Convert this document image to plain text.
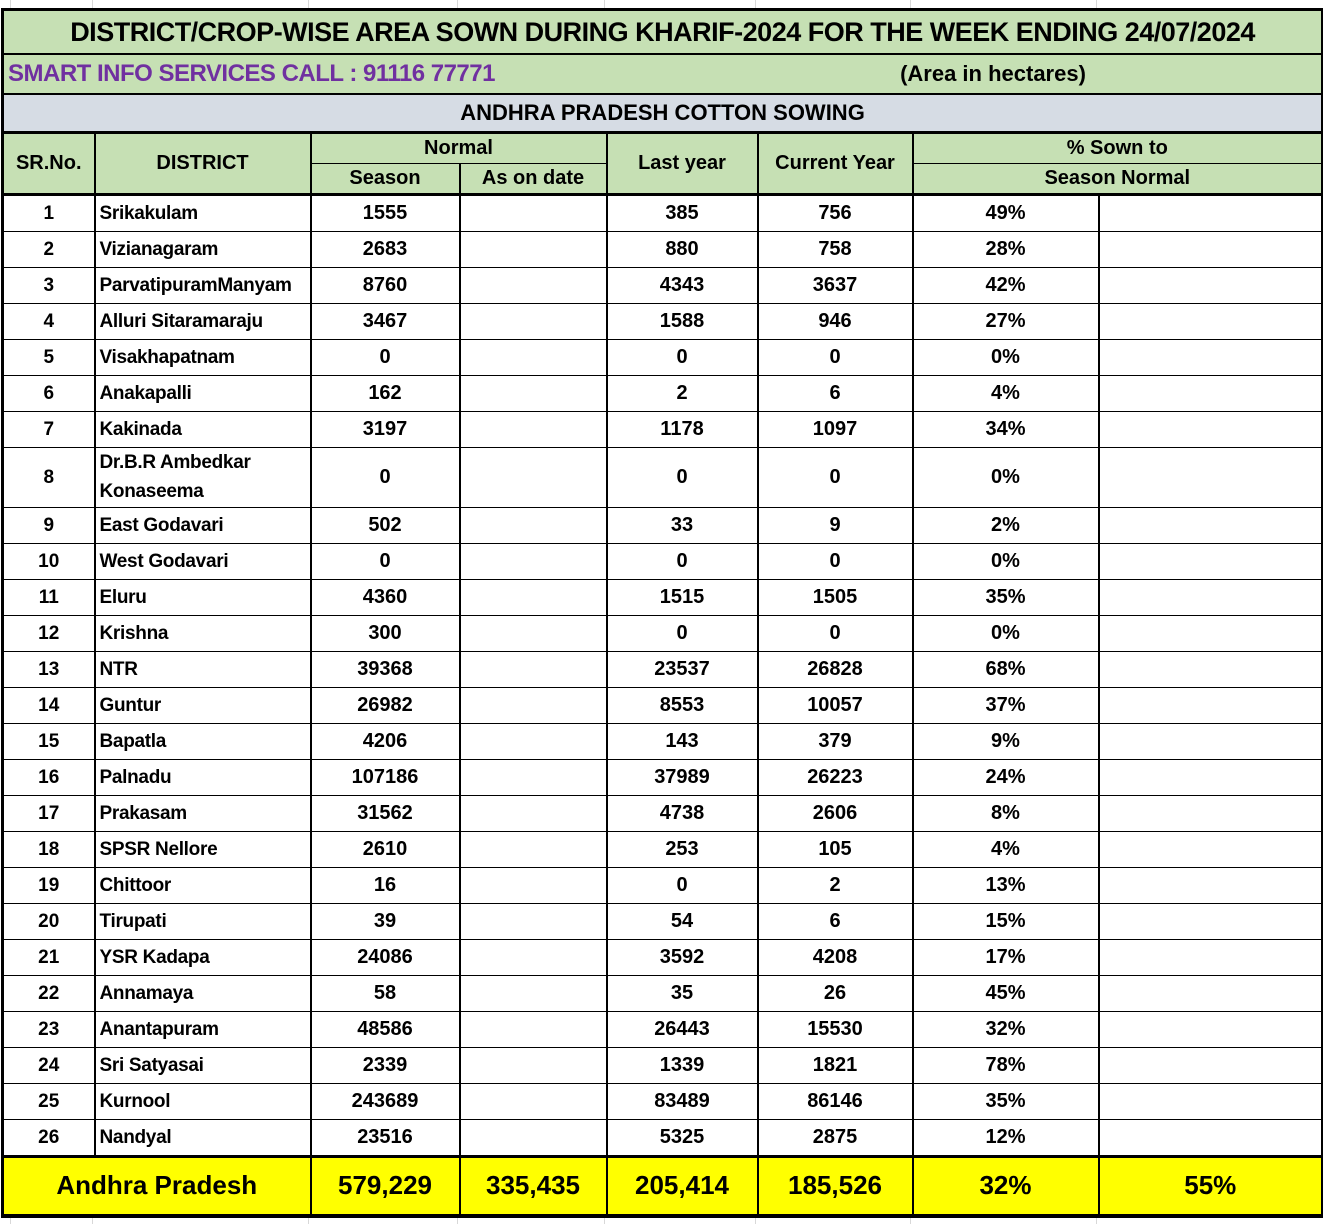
DISTRICT/CROP-WISE AREA SOWN DURING KHARIF-2024 FOR THE WEEK ENDING 24/07/2024							

SMART INFO SERVICES CALL : 91116 77771 (Area in hectares)							

ANDHRA PRADESH COTTON SOWING							
SR.No.	DISTRICT	Normal		Last year	Current Year	% Sown to	
		Season	As on date			Season Normal	
1	Srikakulam	1555		385	756	49%	
2	Vizianagaram	2683		880	758	28%	
3	ParvatipuramManyam	8760		4343	3637	42%	
4	Alluri Sitaramaraju	3467		1588	946	27%	
5	Visakhapatnam	0		0	0	0%	
6	Anakapalli	162		2	6	4%	
7	Kakinada	3197		1178	1097	34%	
8	Dr.B.R Ambedkar Konaseema	0		0	0	0%	
9	East Godavari	502		33	9	2%	
10	West Godavari	0		0	0	0%	
11	Eluru	4360		1515	1505	35%	
12	Krishna	300		0	0	0%	
13	NTR	39368		23537	26828	68%	
14	Guntur	26982		8553	10057	37%	
15	Bapatla	4206		143	379	9%	
16	Palnadu	107186		37989	26223	24%	
17	Prakasam	31562		4738	2606	8%	
18	SPSR Nellore	2610		253	105	4%	
19	Chittoor	16		0	2	13%	
20	Tirupati	39		54	6	15%	
21	YSR Kadapa	24086		3592	4208	17%	
22	Annamaya	58		35	26	45%	
23	Anantapuram	48586		26443	15530	32%	
24	Sri Satyasai	2339		1339	1821	78%	
25	Kurnool	243689		83489	86146	35%	
26	Nandyal	23516		5325	2875	12%	
Andhra Pradesh		579,229	335,435	205,414	185,526	32%	55%
